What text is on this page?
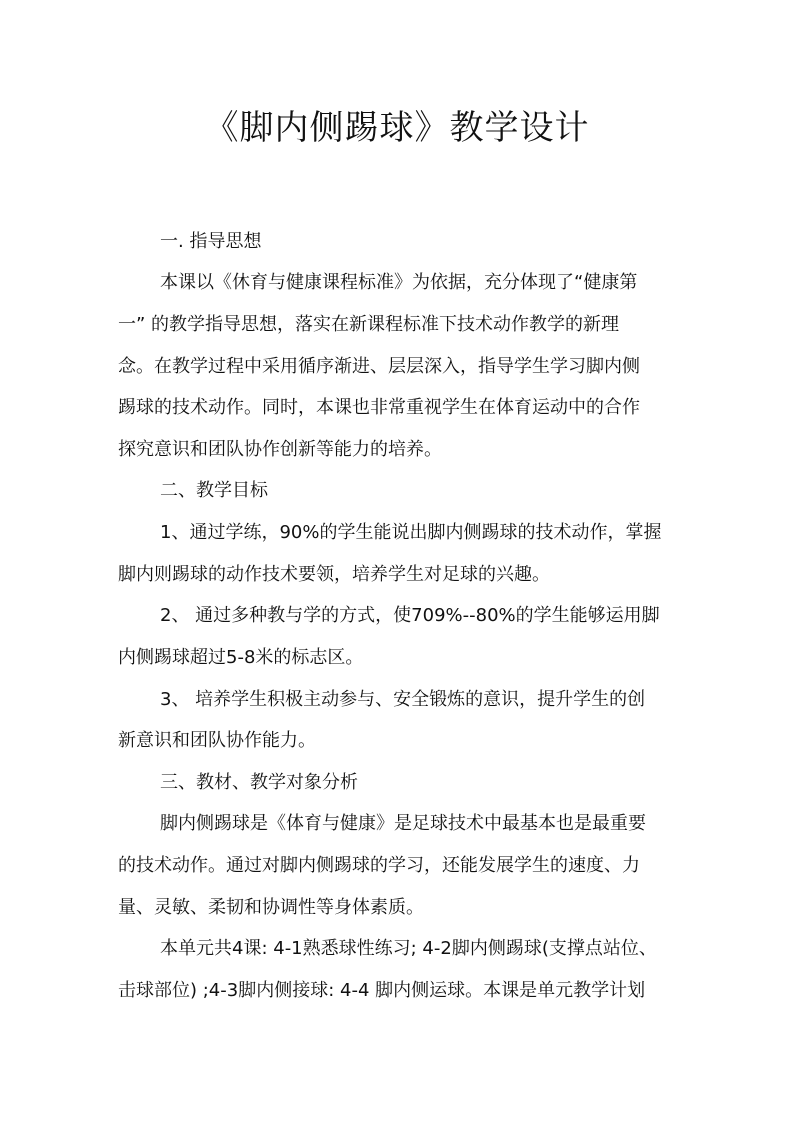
《脚内侧踢球》教学设计

一. 指导思想

本课以《休育与健康课程标准》为依据，充分体现了“健康第

一” 的教学指导思想，落实在新课程标准下技术动作教学的新理

念。在教学过程中采用循序渐进、层层深入，指导学生学习脚内侧

踢球的技术动作。同时，本课也非常重视学生在体育运动中的合作

探究意识和团队协作创新等能力的培养。

二、教学目标

1、通过学练，90%的学生能说出脚内侧踢球的技术动作，掌握

脚内则踢球的动作技术要领，培养学生对足球的兴趣。

2、 通过多种教与学的方式，使709%--80%的学生能够运用脚

内侧踢球超过5-8米的标志区。

3、 培养学生积极主动参与、安全锻炼的意识，提升学生的创

新意识和团队协作能力。

三、教材、教学对象分析

脚内侧踢球是《体育与健康》是足球技术中最基本也是最重要

的技术动作。通过对脚内侧踢球的学习，还能发展学生的速度、力

量、灵敏、柔韧和协调性等身体素质。

本单元共4课: 4-1熟悉球性练习; 4-2脚内侧踢球(支撑点站位、

击球部位) ;4-3脚内侧接球: 4-4 脚内侧运球。本课是单元教学计划
